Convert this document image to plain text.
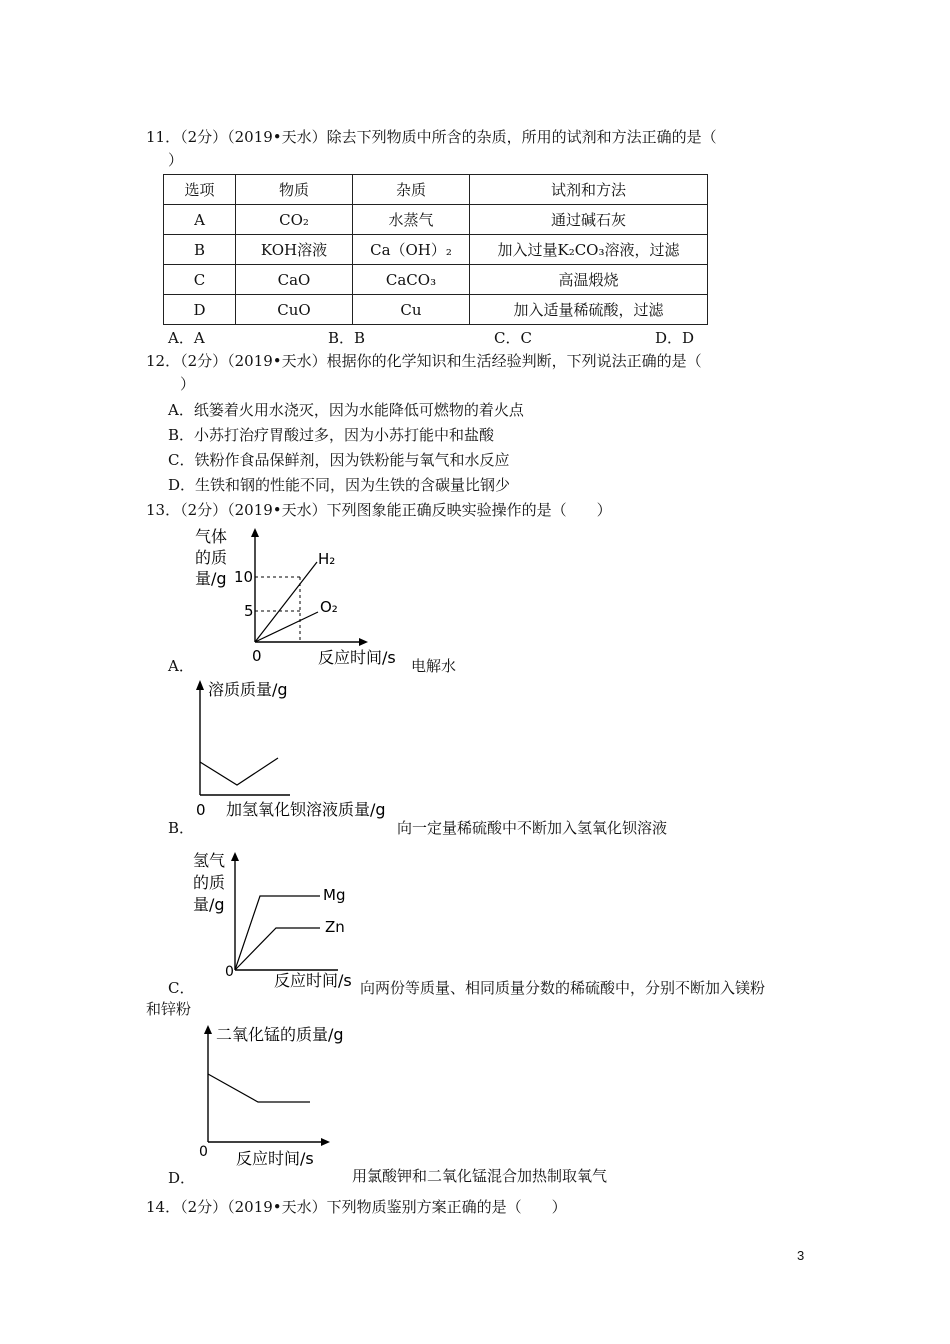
11．（2分）（2019•天水）除去下列物质中所含的杂质，所用的试剂和方法正确的是（
）
选项	物质	杂质	试剂和方法
A	CO₂	水蒸气	通过碱石灰
B	KOH溶液	Ca（OH）₂	加入过量K₂CO₃溶液，过滤
C	CaO	CaCO₃	高温煅烧
D	CuO	Cu	加入适量稀硫酸，过滤
A．A	B．B	C．C	D．D
12．（2分）（2019•天水）根据你的化学知识和生活经验判断，下列说法正确的是（
）
A．纸篓着火用水浇灭，因为水能降低可燃物的着火点
B．小苏打治疗胃酸过多，因为小苏打能中和盐酸
C．铁粉作食品保鲜剂，因为铁粉能与氧气和水反应
D．生铁和钢的性能不同，因为生铁的含碳量比钢少
13．（2分）（2019•天水）下列图象能正确反映实验操作的是（　　）
气体
的质
量/g 10
5
H₂
O₂
0	反应时间/s
A．	电解水
溶质质量/g
0 加氢氧化钡溶液质量/g
B．	向一定量稀硫酸中不断加入氢氧化钡溶液
氢气
的质
量/g	Mg
Zn
0	反应时间/s
C．	向两份等质量、相同质量分数的稀硫酸中，分别不断加入镁粉
和锌粉
二氧化锰的质量/g
0 反应时间/s
D．	用氯酸钾和二氧化锰混合加热制取氧气
14．（2分）（2019•天水）下列物质鉴别方案正确的是（　　）
3
